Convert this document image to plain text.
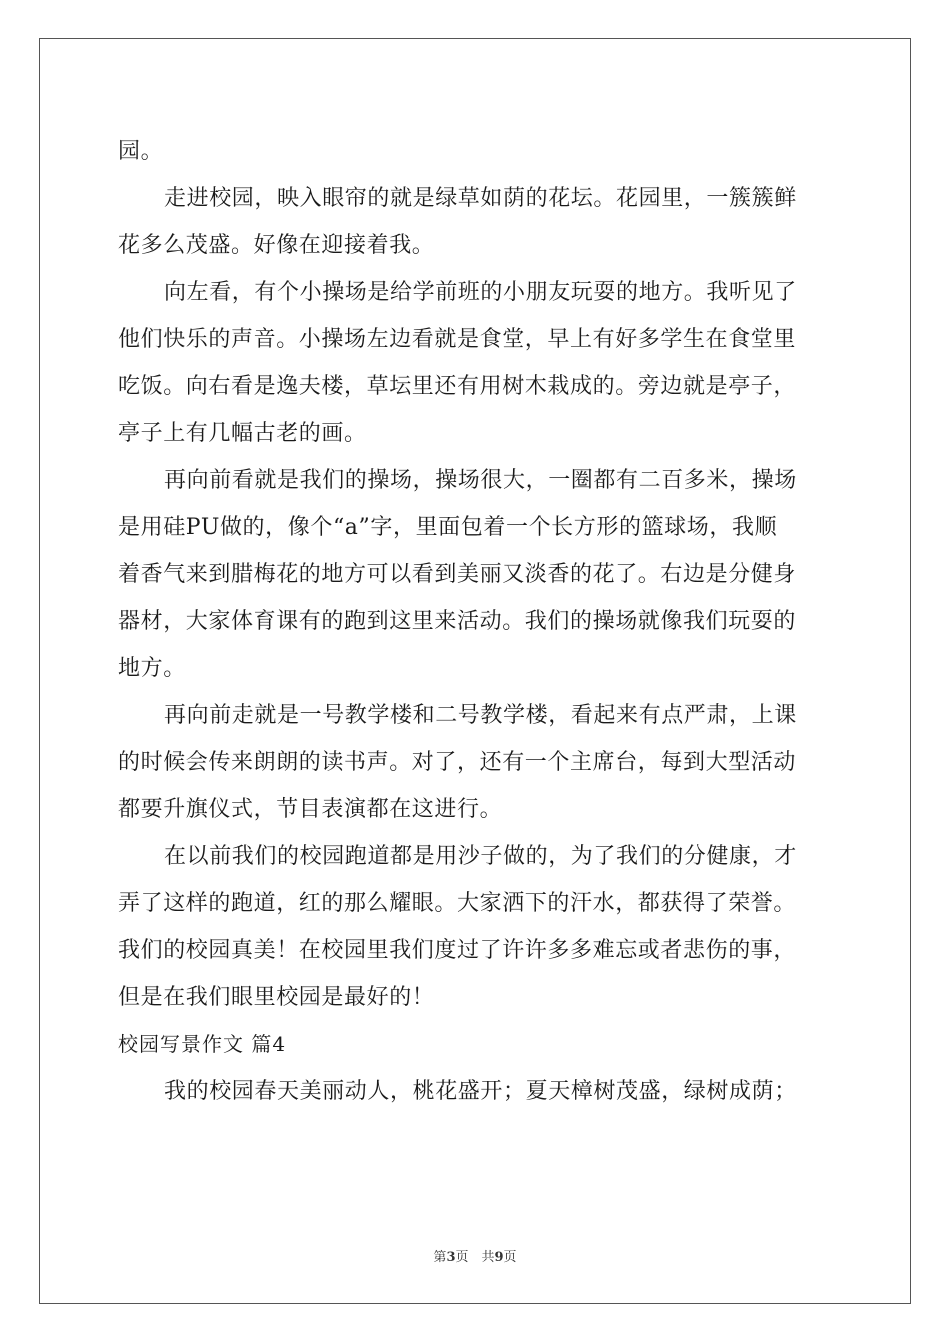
园。
走进校园，映入眼帘的就是绿草如荫的花坛。花园里，一簇簇鲜
花多么茂盛。好像在迎接着我。
向左看，有个小操场是给学前班的小朋友玩耍的地方。我听见了
他们快乐的声音。小操场左边看就是食堂，早上有好多学生在食堂里
吃饭。向右看是逸夫楼，草坛里还有用树木栽成的。旁边就是亭子，
亭子上有几幅古老的画。
再向前看就是我们的操场，操场很大，一圈都有二百多米，操场
是用硅PU做的，像个“a”字，里面包着一个长方形的篮球场，我顺
着香气来到腊梅花的地方可以看到美丽又淡香的花了。右边是分健身
器材，大家体育课有的跑到这里来活动。我们的操场就像我们玩耍的
地方。
再向前走就是一号教学楼和二号教学楼，看起来有点严肃，上课
的时候会传来朗朗的读书声。对了，还有一个主席台，每到大型活动
都要升旗仪式，节目表演都在这进行。
在以前我们的校园跑道都是用沙子做的，为了我们的分健康，才
弄了这样的跑道，红的那么耀眼。大家洒下的汗水，都获得了荣誉。
我们的校园真美！在校园里我们度过了许许多多难忘或者悲伤的事，
但是在我们眼里校园是最好的！
校园写景作文 篇4
我的校园春天美丽动人，桃花盛开；夏天樟树茂盛，绿树成荫；
第3页　共9页
